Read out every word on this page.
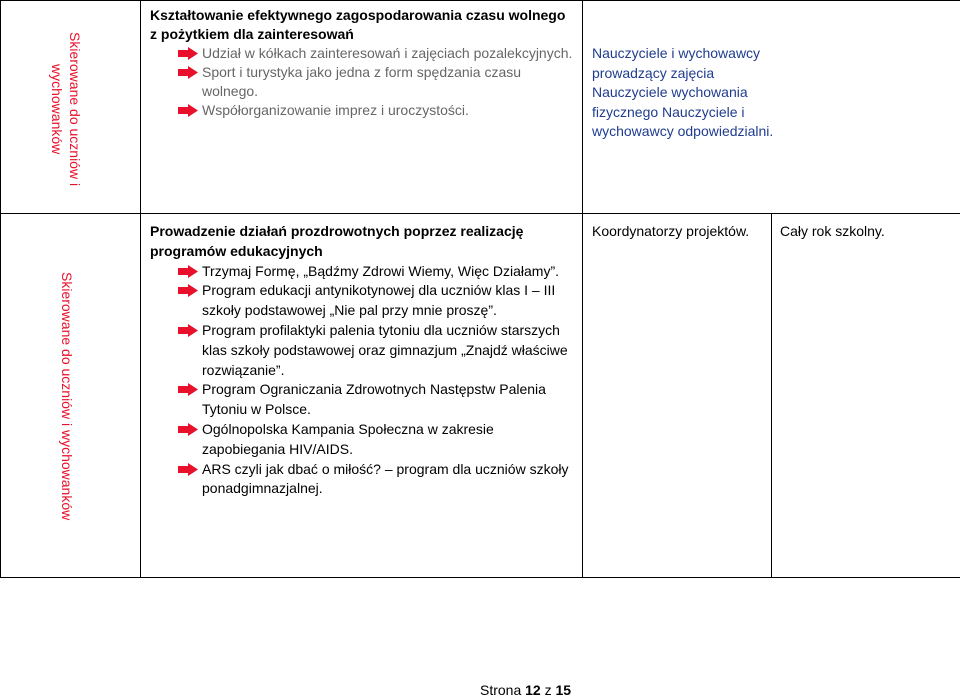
Skierowane do uczniów i wychowanków
Kształtowanie efektywnego zagospodarowania czasu wolnego z pożytkiem dla zainteresowań
Udział w kółkach zainteresowań i zajęciach pozalekcyjnych.
Sport i turystyka jako jedna z form spędzania czasu wolnego.
Współorganizowanie imprez i uroczystości.
Nauczyciele i wychowawcy prowadzący zajęcia Nauczyciele wychowania fizycznego Nauczyciele i wychowawcy odpowiedzialni.
Skierowane do uczniów i wychowanków
Prowadzenie działań prozdrowotnych poprzez realizację programów edukacyjnych
Trzymaj Formę, „Bądźmy Zdrowi Wiemy, Więc Działamy”.
Program edukacji antynikotynowej dla uczniów klas I – III szkoły podstawowej „Nie pal przy mnie proszę”.
Program profilaktyki palenia tytoniu dla uczniów starszych klas szkoły podstawowej oraz gimnazjum „Znajdź właściwe rozwiązanie”.
Program Ograniczania Zdrowotnych Następstw Palenia Tytoniu w Polsce.
Ogólnopolska Kampania Społeczna w zakresie zapobiegania HIV/AIDS.
ARS czyli jak dbać o miłość? – program dla uczniów szkoły ponadgimnazjalnej.
Koordynatorzy projektów.	Cały rok szkolny.
Strona 12 z 15
